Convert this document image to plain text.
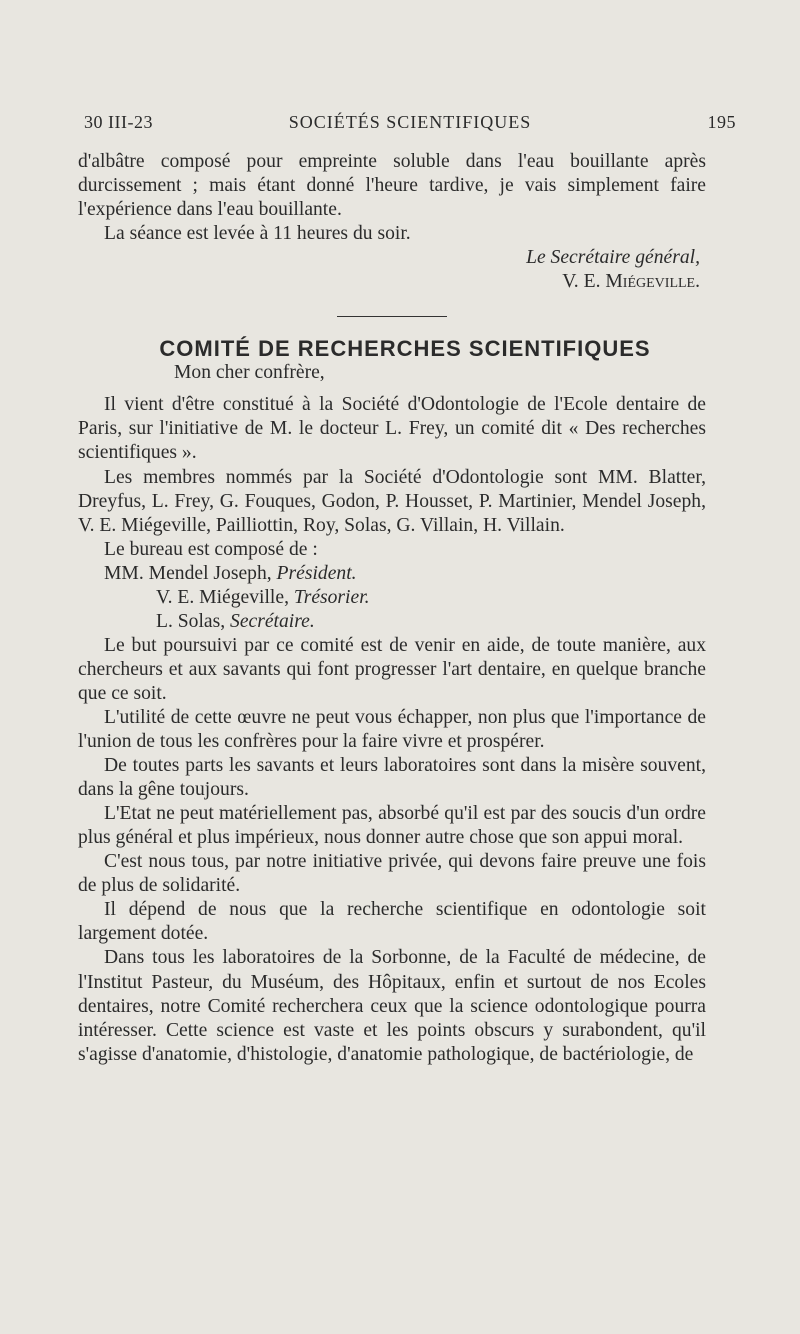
30 III-23	SOCIÉTÉS SCIENTIFIQUES	195

d'albâtre composé pour empreinte soluble dans l'eau bouillante après durcissement ; mais étant donné l'heure tardive, je vais simplement faire l'expérience dans l'eau bouillante.

La séance est levée à 11 heures du soir.

Le Secrétaire général,

V. E. Miégeville.

COMITÉ DE RECHERCHES SCIENTIFIQUES

Mon cher confrère,

Il vient d'être constitué à la Société d'Odontologie de l'Ecole dentaire de Paris, sur l'initiative de M. le docteur L. Frey, un comité dit « Des recherches scientifiques ».

Les membres nommés par la Société d'Odontologie sont MM. Blatter, Dreyfus, L. Frey, G. Fouques, Godon, P. Housset, P. Martinier, Mendel Joseph, V. E. Miégeville, Pailliottin, Roy, Solas, G. Villain, H. Villain.

Le bureau est composé de :

MM. Mendel Joseph, Président.

V. E. Miégeville, Trésorier.

L. Solas, Secrétaire.

Le but poursuivi par ce comité est de venir en aide, de toute manière, aux chercheurs et aux savants qui font progresser l'art dentaire, en quelque branche que ce soit.

L'utilité de cette œuvre ne peut vous échapper, non plus que l'importance de l'union de tous les confrères pour la faire vivre et prospérer.

De toutes parts les savants et leurs laboratoires sont dans la misère souvent, dans la gêne toujours.

L'Etat ne peut matériellement pas, absorbé qu'il est par des soucis d'un ordre plus général et plus impérieux, nous donner autre chose que son appui moral.

C'est nous tous, par notre initiative privée, qui devons faire preuve une fois de plus de solidarité.

Il dépend de nous que la recherche scientifique en odontologie soit largement dotée.

Dans tous les laboratoires de la Sorbonne, de la Faculté de médecine, de l'Institut Pasteur, du Muséum, des Hôpitaux, enfin et surtout de nos Ecoles dentaires, notre Comité recherchera ceux que la science odontologique pourra intéresser. Cette science est vaste et les points obscurs y surabondent, qu'il s'agisse d'anatomie, d'histologie, d'anatomie pathologique, de bactériologie, de
